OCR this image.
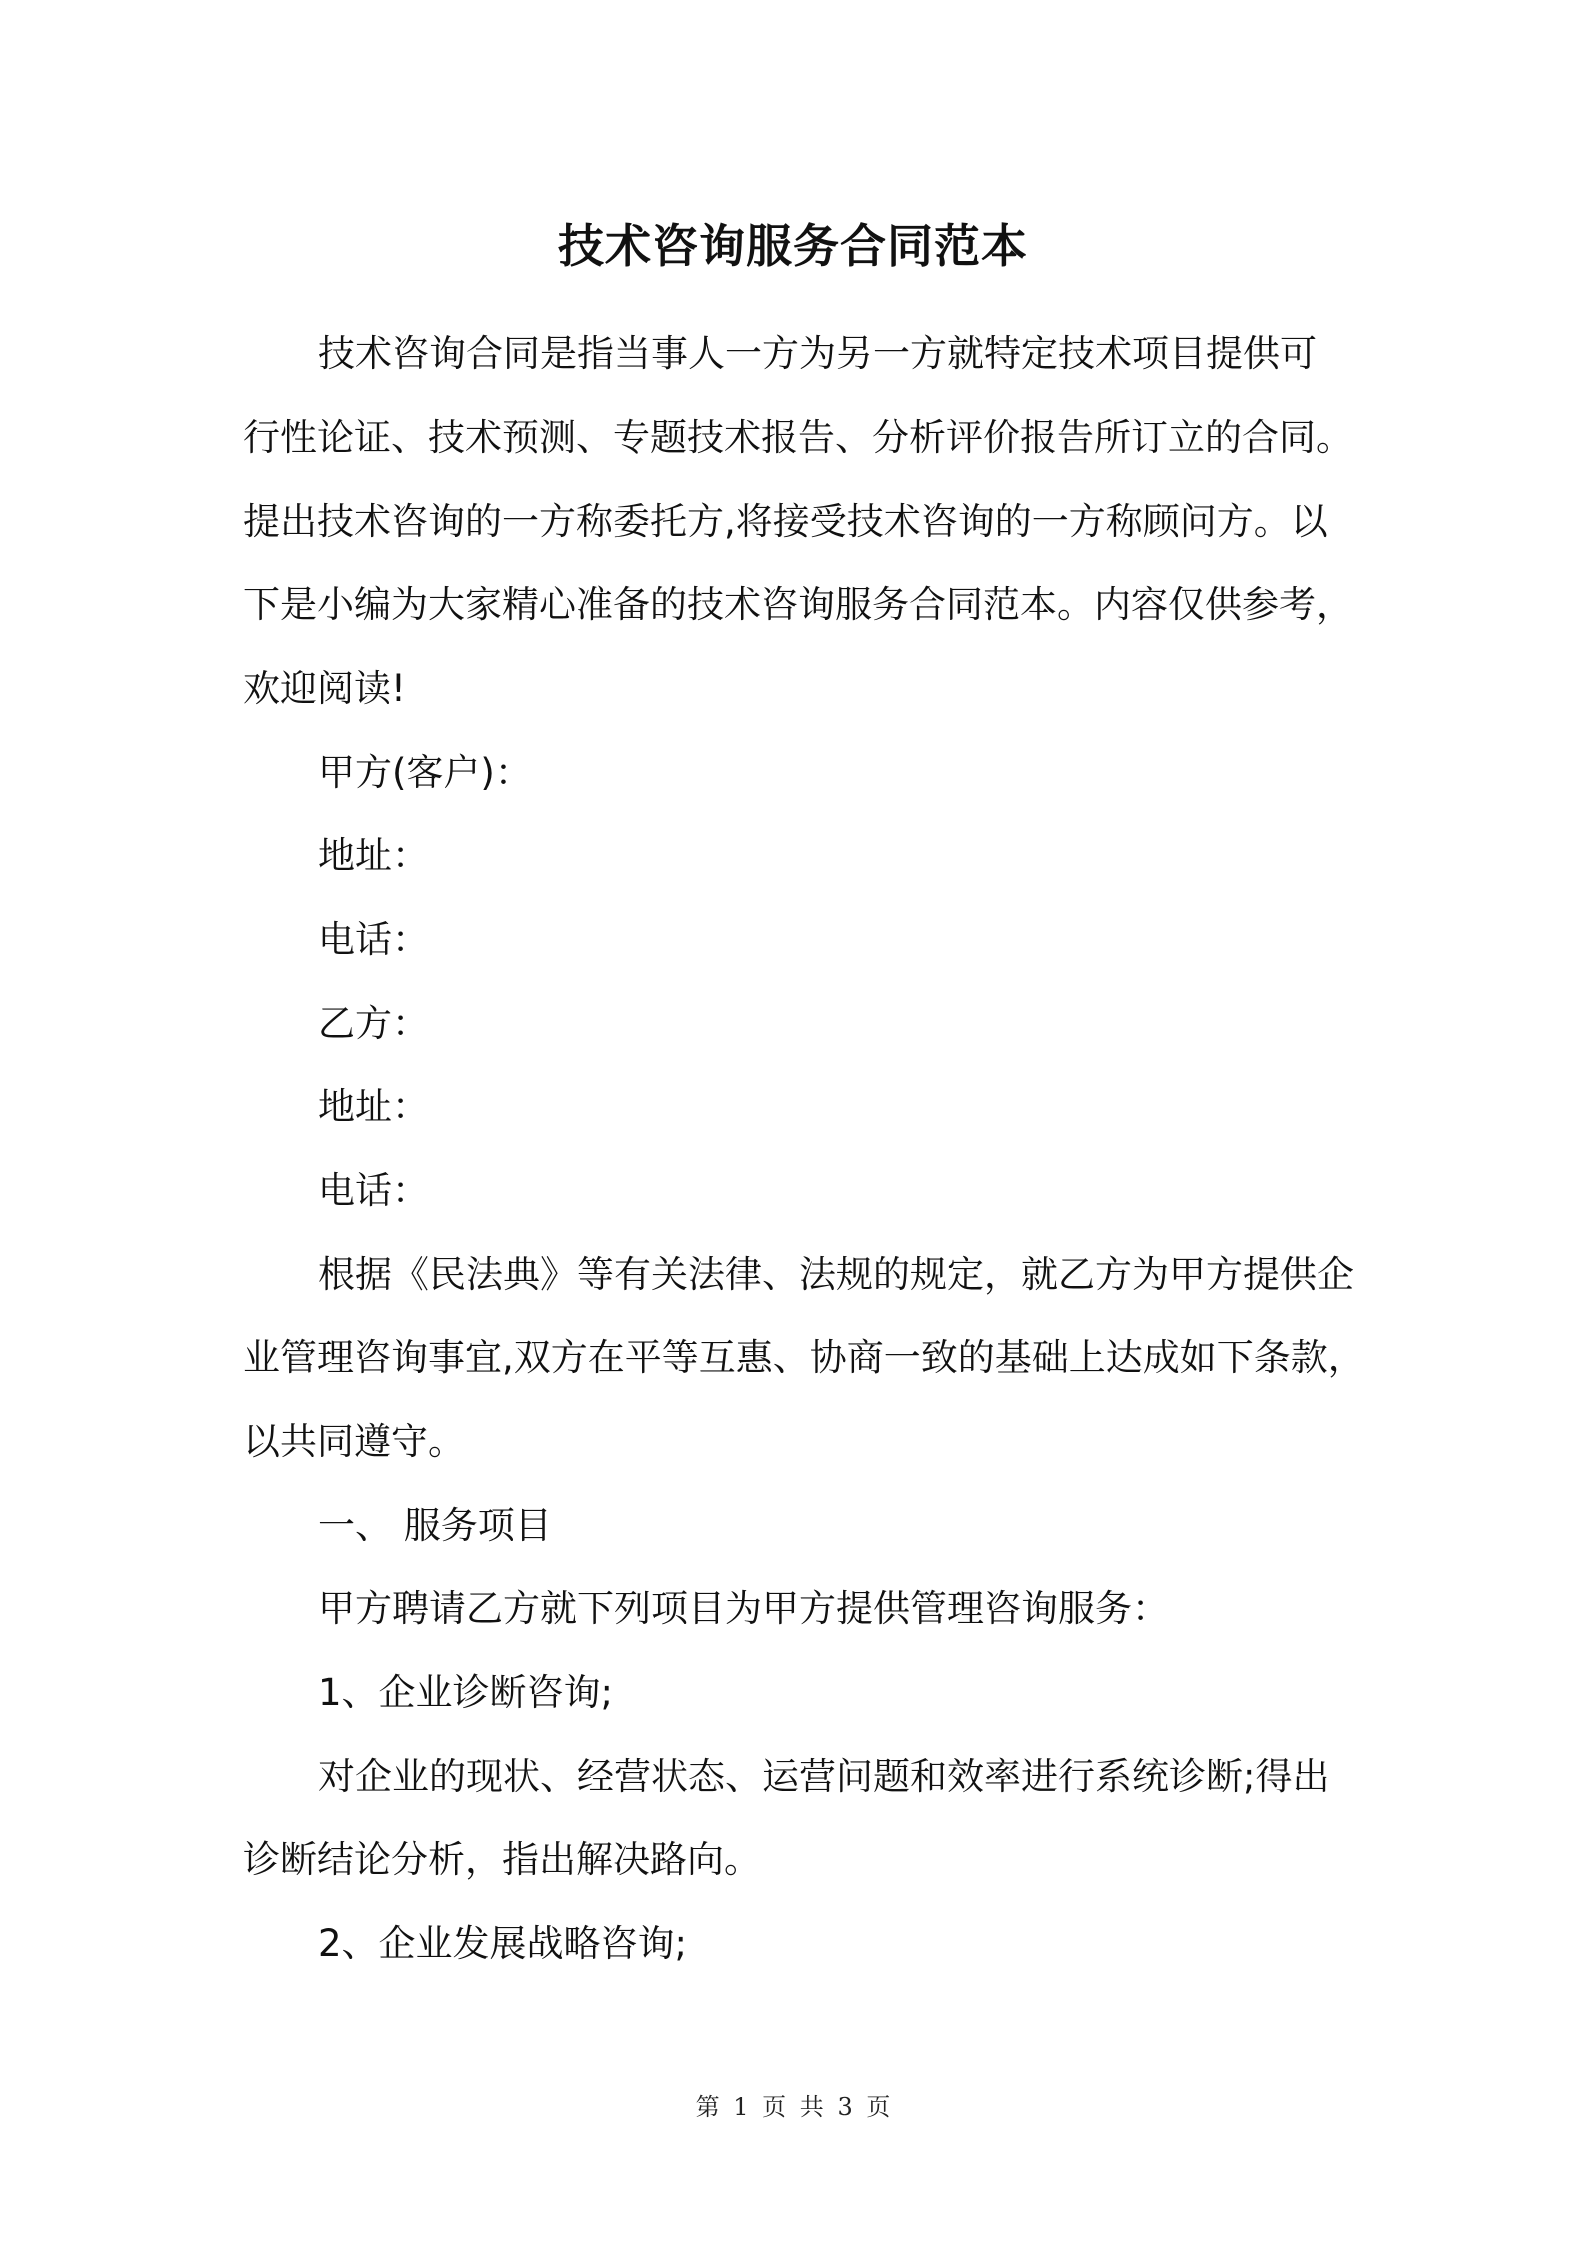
技术咨询服务合同范本
技术咨询合同是指当事人一方为另一方就特定技术项目提供可
行性论证、技术预测、专题技术报告、分析评价报告所订立的合同。
提出技术咨询的一方称委托方,将接受技术咨询的一方称顾问方。以
下是小编为大家精心准备的技术咨询服务合同范本。内容仅供参考，
欢迎阅读!
甲方(客户)：
地址：
电话：
乙方：
地址：
电话：
根据《民法典》等有关法律、法规的规定，就乙方为甲方提供企
业管理咨询事宜,双方在平等互惠、协商一致的基础上达成如下条款，
以共同遵守。
一、 服务项目
甲方聘请乙方就下列项目为甲方提供管理咨询服务：
1、企业诊断咨询;
对企业的现状、经营状态、运营问题和效率进行系统诊断;得出
诊断结论分析，指出解决路向。
2、企业发展战略咨询;
第 1 页 共 3 页
